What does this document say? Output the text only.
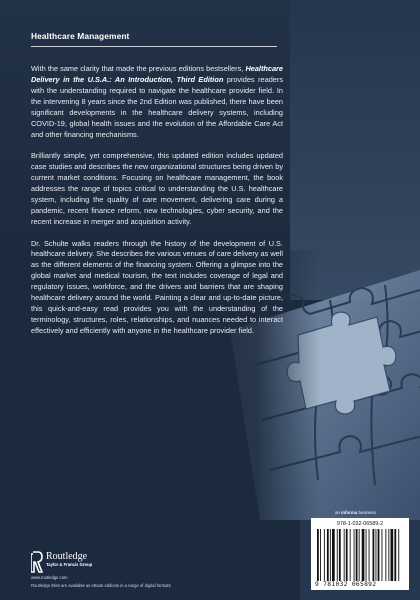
Healthcare Management

With the same clarity that made the previous editions bestsellers, Healthcare Delivery in the U.S.A.: An Introduction, Third Edition provides readers with the understanding required to navigate the healthcare provider field. In the intervening 8 years since the 2nd Edition was published, there have been significant developments in the healthcare delivery systems, including COVID-19, global health issues and the evolution of the Affordable Care Act and other financing mechanisms.

Brilliantly simple, yet comprehensive, this updated edition includes updated case studies and describes the new organizational structures being driven by current market conditions. Focusing on healthcare management, the book addresses the range of topics critical to understanding the U.S. healthcare system, including the quality of care movement, delivering care during a pandemic, recent finance reform, new technologies, cyber security, and the recent increase in merger and acquisition activity.

Dr. Schulte walks readers through the history of the development of U.S. healthcare delivery. She describes the various venues of care delivery as well as the different elements of the financing system. Offering a glimpse into the global market and medical tourism, the text includes coverage of legal and regulatory issues, workforce, and the drivers and barriers that are shaping healthcare delivery around the world. Painting a clear and up-to-date picture, this quick-and-easy read provides you with the understanding of the terminology, structures, roles, relationships, and nuances needed to interact effectively and efficiently with anyone in the healthcare provider field.

Routledge
Taylor & Francis Group
www.routledge.com
Routledge titles are available as eBook editions in a range of digital formats
an informa business
978-1-032-06589-2
9 781032 065892
